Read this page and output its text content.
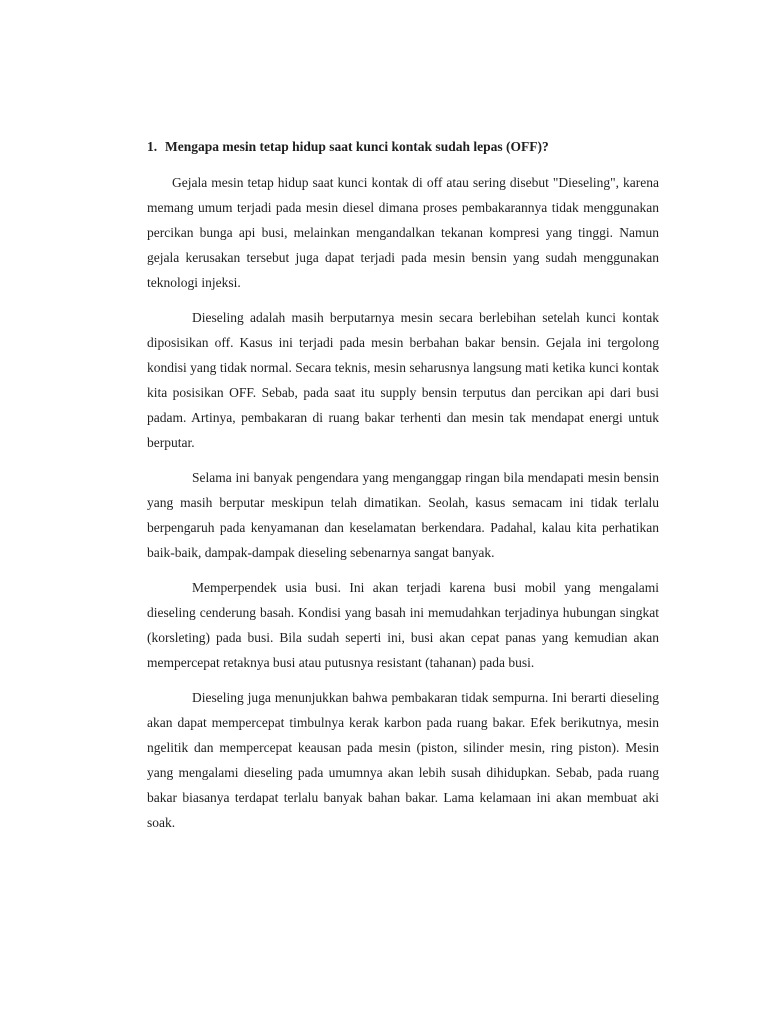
1. Mengapa mesin tetap hidup saat kunci kontak sudah lepas (OFF)?

Gejala mesin tetap hidup saat kunci kontak di off atau sering disebut "Dieseling", karena memang umum terjadi pada mesin diesel dimana proses pembakarannya tidak menggunakan percikan bunga api busi, melainkan mengandalkan tekanan kompresi yang tinggi. Namun gejala kerusakan tersebut juga dapat terjadi pada mesin bensin yang sudah menggunakan teknologi injeksi.

Dieseling adalah masih berputarnya mesin secara berlebihan setelah kunci kontak diposisikan off. Kasus ini terjadi pada mesin berbahan bakar bensin. Gejala ini tergolong kondisi yang tidak normal. Secara teknis, mesin seharusnya langsung mati ketika kunci kontak kita posisikan OFF. Sebab, pada saat itu supply bensin terputus dan percikan api dari busi padam. Artinya, pembakaran di ruang bakar terhenti dan mesin tak mendapat energi untuk berputar.

Selama ini banyak pengendara yang menganggap ringan bila mendapati mesin bensin yang masih berputar meskipun telah dimatikan. Seolah, kasus semacam ini tidak terlalu berpengaruh pada kenyamanan dan keselamatan berkendara. Padahal, kalau kita perhatikan baik-baik, dampak-dampak dieseling sebenarnya sangat banyak.

Memperpendek usia busi. Ini akan terjadi karena busi mobil yang mengalami dieseling cenderung basah. Kondisi yang basah ini memudahkan terjadinya hubungan singkat (korsleting) pada busi. Bila sudah seperti ini, busi akan cepat panas yang kemudian akan mempercepat retaknya busi atau putusnya resistant (tahanan) pada busi.

Dieseling juga menunjukkan bahwa pembakaran tidak sempurna. Ini berarti dieseling akan dapat mempercepat timbulnya kerak karbon pada ruang bakar. Efek berikutnya, mesin ngelitik dan mempercepat keausan pada mesin (piston, silinder mesin, ring piston). Mesin yang mengalami dieseling pada umumnya akan lebih susah dihidupkan. Sebab, pada ruang bakar biasanya terdapat terlalu banyak bahan bakar. Lama kelamaan ini akan membuat aki soak.
